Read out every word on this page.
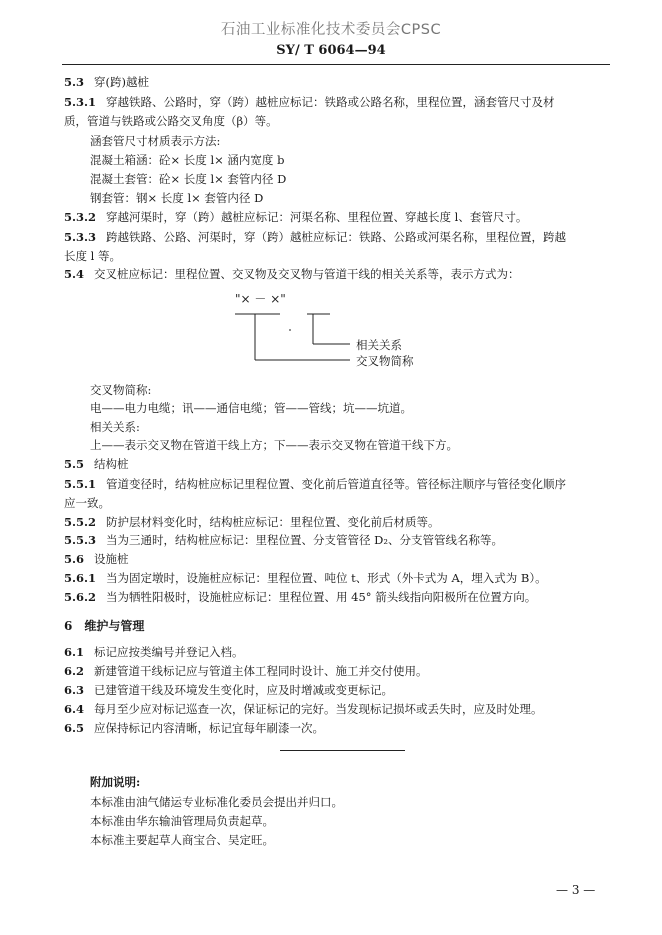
石油工业标准化技术委员会CPSC
SY/ T 6064—94
5.3 穿(跨)越桩
5.3.1 穿越铁路、公路时，穿（跨）越桩应标记：铁路或公路名称，里程位置，涵套管尺寸及材
质，管道与铁路或公路交叉角度（β）等。
涵套管尺寸材质表示方法:
混凝土箱涵：砼× 长度 l× 涵内宽度 b
混凝土套管：砼× 长度 l× 套管内径 D
钢套管：钢× 长度 l× 套管内径 D
5.3.2 穿越河渠时，穿（跨）越桩应标记：河渠名称、里程位置、穿越长度 l、套管尺寸。
5.3.3 跨越铁路、公路、河渠时，穿（跨）越桩应标记：铁路、公路或河渠名称，里程位置，跨越
长度 l 等。
5.4 交叉桩应标记：里程位置、交叉物及交叉物与管道干线的相关关系等，表示方式为：
"× － ×"
相关关系
交叉物简称
交叉物简称:
电——电力电缆；讯——通信电缆；管——管线；坑——坑道。
相关关系:
上——表示交叉物在管道干线上方；下——表示交叉物在管道干线下方。
5.5 结构桩
5.5.1 管道变径时，结构桩应标记里程位置、变化前后管道直径等。管径标注顺序与管径变化顺序
应一致。
5.5.2 防护层材料变化时，结构桩应标记：里程位置、变化前后材质等。
5.5.3 当为三通时，结构桩应标记：里程位置、分支管管径 D₂、分支管管线名称等。
5.6 设施桩
5.6.1 当为固定墩时，设施桩应标记：里程位置、吨位 t、形式（外卡式为 A，埋入式为 B）。
5.6.2 当为牺牲阳极时，设施桩应标记：里程位置、用 45° 箭头线指向阳极所在位置方向。
6 维护与管理
6.1 标记应按类编号并登记入档。
6.2 新建管道干线标记应与管道主体工程同时设计、施工并交付使用。
6.3 已建管道干线及环境发生变化时，应及时增减或变更标记。
6.4 每月至少应对标记巡查一次，保证标记的完好。当发现标记损坏或丢失时，应及时处理。
6.5 应保持标记内容清晰，标记宜每年刷漆一次。
附加说明:
本标准由油气储运专业标准化委员会提出并归口。
本标准由华东输油管理局负责起草。
本标准主要起草人商宝合、吴定旺。
— 3 —
